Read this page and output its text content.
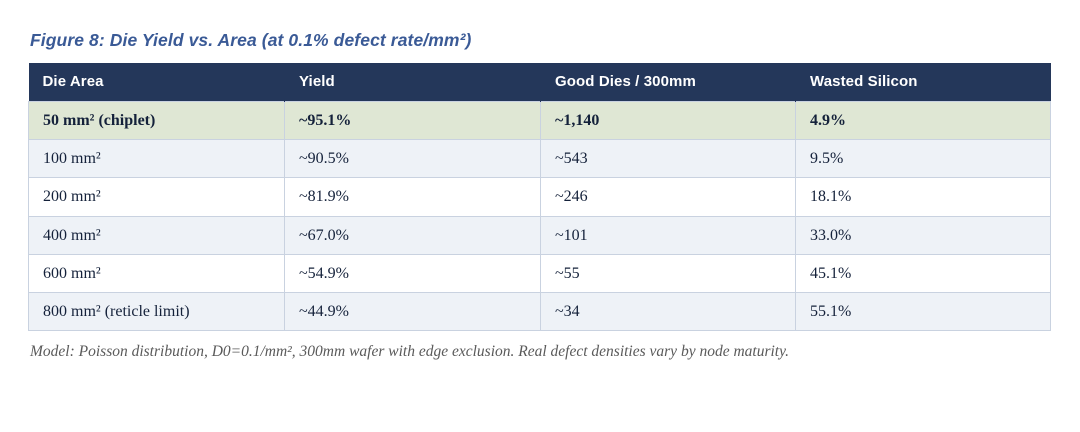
Figure 8: Die Yield vs. Area (at 0.1% defect rate/mm²)
Die Area	Yield	Good Dies / 300mm	Wasted Silicon
50 mm² (chiplet)	~95.1%	~1,140	4.9%
100 mm²	~90.5%	~543	9.5%
200 mm²	~81.9%	~246	18.1%
400 mm²	~67.0%	~101	33.0%
600 mm²	~54.9%	~55	45.1%
800 mm² (reticle limit)	~44.9%	~34	55.1%
Model: Poisson distribution, D0=0.1/mm², 300mm wafer with edge exclusion. Real defect densities vary by node maturity.
